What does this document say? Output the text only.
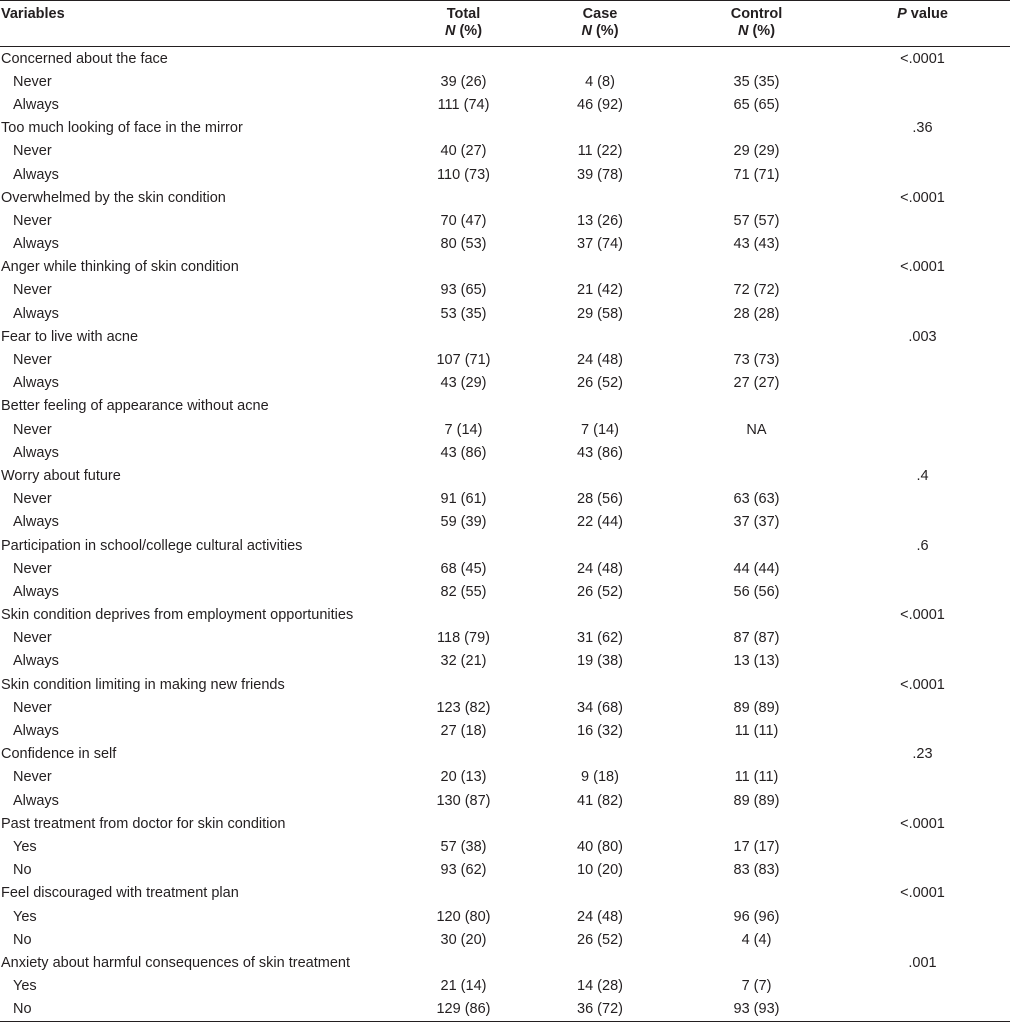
Variables	Total	Case	Control	P value
	N (%)	N (%)	N (%)	
Concerned about the face				<.0001
Never	39 (26)	4 (8)	35 (35)	
Always	111 (74)	46 (92)	65 (65)	
Too much looking of face in the mirror				.36
Never	40 (27)	11 (22)	29 (29)	
Always	110 (73)	39 (78)	71 (71)	
Overwhelmed by the skin condition				<.0001
Never	70 (47)	13 (26)	57 (57)	
Always	80 (53)	37 (74)	43 (43)	
Anger while thinking of skin condition				<.0001
Never	93 (65)	21 (42)	72 (72)	
Always	53 (35)	29 (58)	28 (28)	
Fear to live with acne				.003
Never	107 (71)	24 (48)	73 (73)	
Always	43 (29)	26 (52)	27 (27)	
Better feeling of appearance without acne				
Never	7 (14)	7 (14)	NA	
Always	43 (86)	43 (86)		
Worry about future				.4
Never	91 (61)	28 (56)	63 (63)	
Always	59 (39)	22 (44)	37 (37)	
Participation in school/college cultural activities				.6
Never	68 (45)	24 (48)	44 (44)	
Always	82 (55)	26 (52)	56 (56)	
Skin condition deprives from employment opportunities				<.0001
Never	118 (79)	31 (62)	87 (87)	
Always	32 (21)	19 (38)	13 (13)	
Skin condition limiting in making new friends				<.0001
Never	123 (82)	34 (68)	89 (89)	
Always	27 (18)	16 (32)	11 (11)	
Confidence in self				.23
Never	20 (13)	9 (18)	11 (11)	
Always	130 (87)	41 (82)	89 (89)	
Past treatment from doctor for skin condition				<.0001
Yes	57 (38)	40 (80)	17 (17)	
No	93 (62)	10 (20)	83 (83)	
Feel discouraged with treatment plan				<.0001
Yes	120 (80)	24 (48)	96 (96)	
No	30 (20)	26 (52)	4 (4)	
Anxiety about harmful consequences of skin treatment				.001
Yes	21 (14)	14 (28)	7 (7)	
No	129 (86)	36 (72)	93 (93)	
